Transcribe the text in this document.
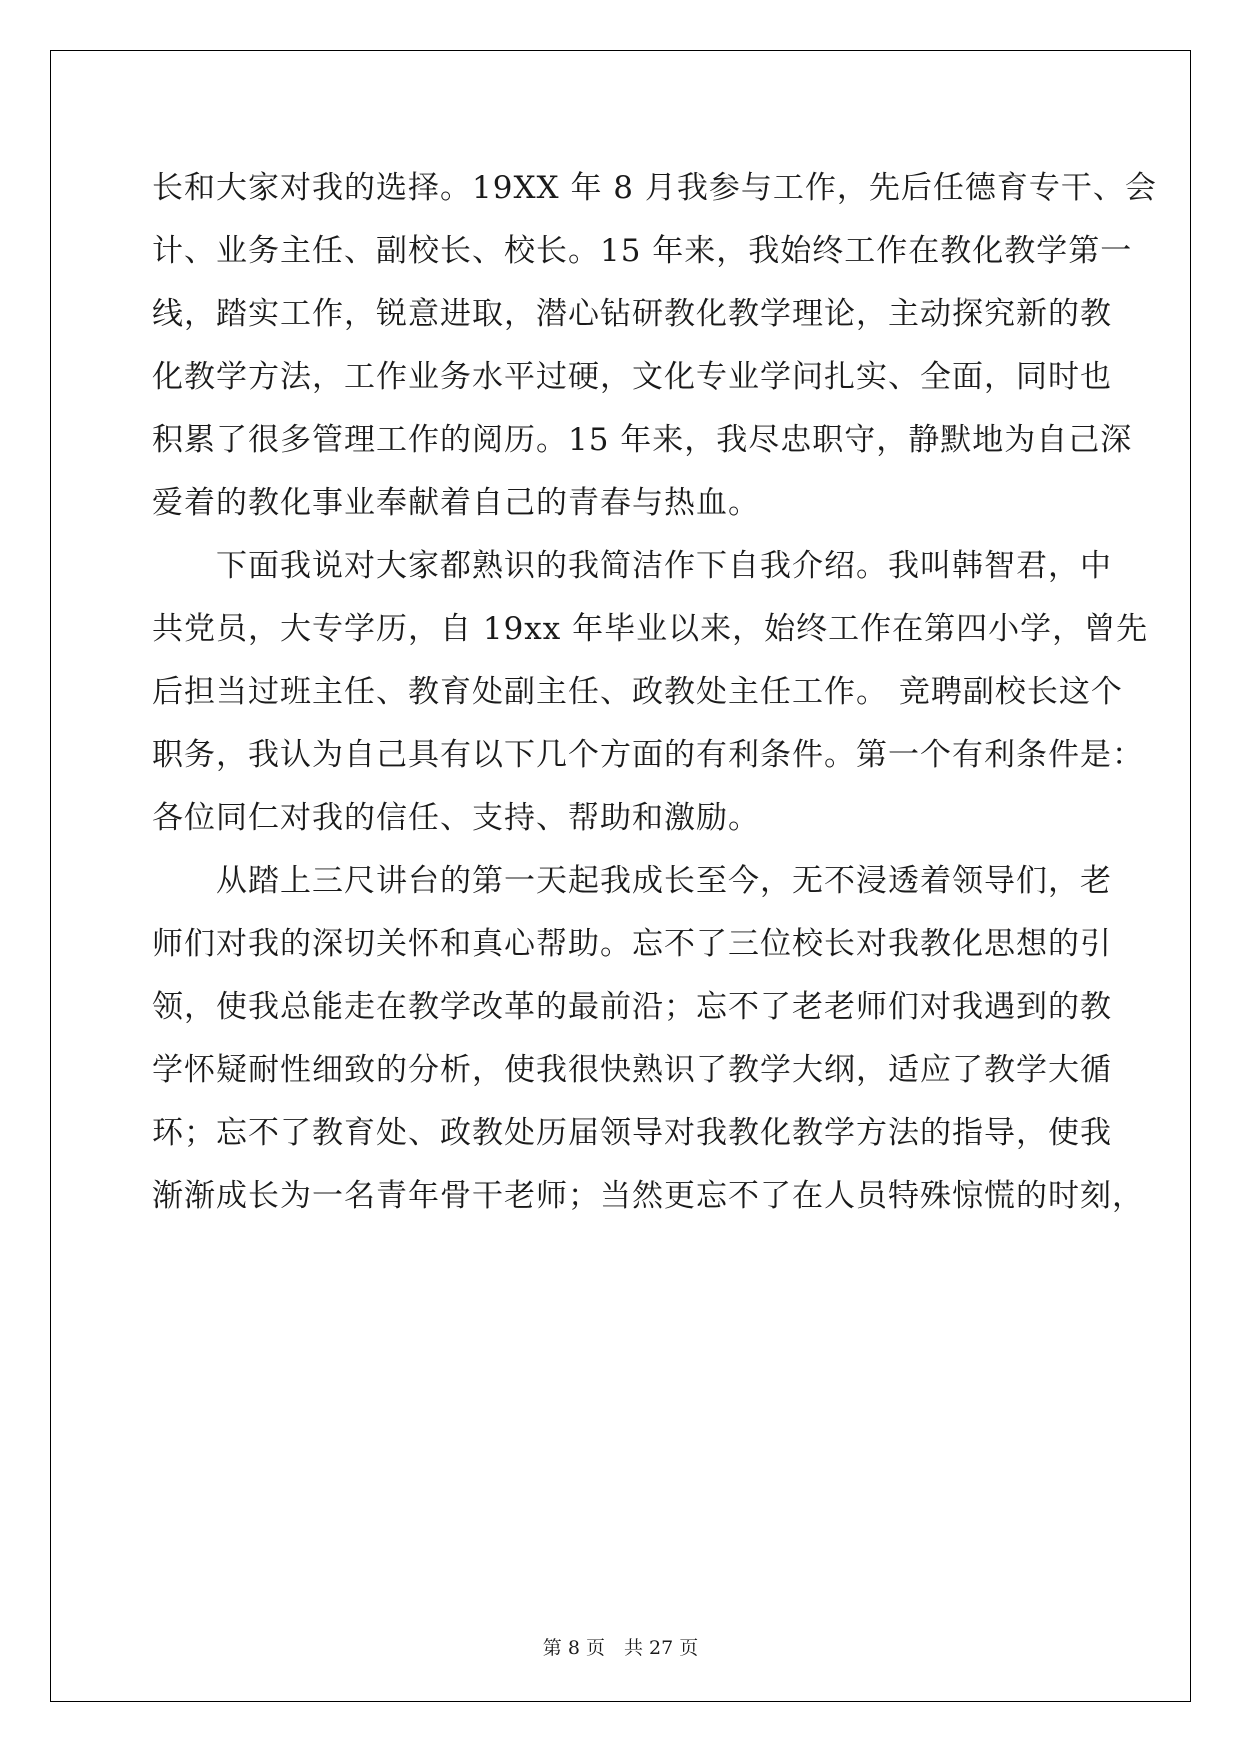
长和大家对我的选择。19XX 年 8 月我参与工作，先后任德育专干、会
计、业务主任、副校长、校长。15 年来，我始终工作在教化教学第一
线，踏实工作，锐意进取，潜心钻研教化教学理论，主动探究新的教
化教学方法，工作业务水平过硬，文化专业学问扎实、全面，同时也
积累了很多管理工作的阅历。15 年来，我尽忠职守，静默地为自己深
爱着的教化事业奉献着自己的青春与热血。
　　下面我说对大家都熟识的我简洁作下自我介绍。我叫韩智君，中
共党员，大专学历，自 19xx 年毕业以来，始终工作在第四小学，曾先
后担当过班主任、教育处副主任、政教处主任工作。 竞聘副校长这个
职务，我认为自己具有以下几个方面的有利条件。第一个有利条件是：
各位同仁对我的信任、支持、帮助和激励。
　　从踏上三尺讲台的第一天起我成长至今，无不浸透着领导们，老
师们对我的深切关怀和真心帮助。忘不了三位校长对我教化思想的引
领，使我总能走在教学改革的最前沿；忘不了老老师们对我遇到的教
学怀疑耐性细致的分析，使我很快熟识了教学大纲，适应了教学大循
环；忘不了教育处、政教处历届领导对我教化教学方法的指导，使我
渐渐成长为一名青年骨干老师；当然更忘不了在人员特殊惊慌的时刻，
第 8 页　共 27 页
